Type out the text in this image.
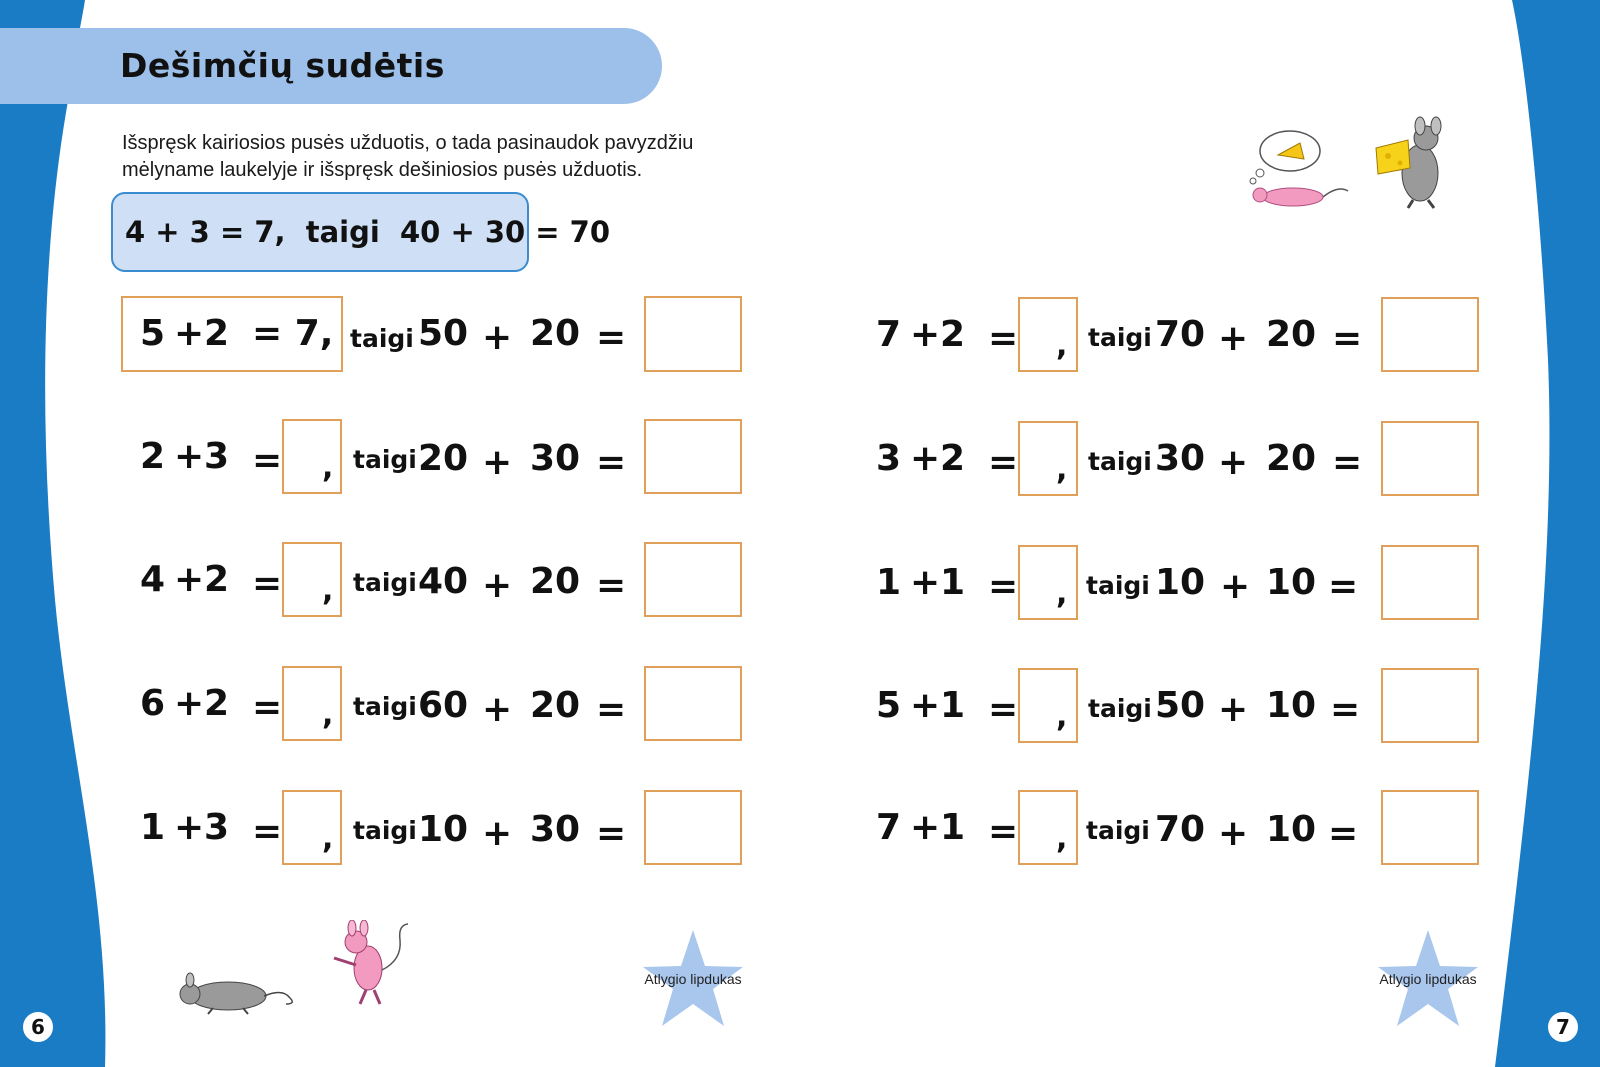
Dešimčių sudėtis
Išspręsk kairiosios pusės užduotis, o tada pasinaudok pavyzdžiu mėlyname laukelyje ir išspręsk dešiniosios pusės užduotis.
4 + 3 = 7,  taigi  40 + 30 = 70
5 + 2 = 7, taigi 50 + 20 =
2 + 3 = , taigi 20 + 30 =
4 + 2 = , taigi 40 + 20 =
6 + 2 = , taigi 60 + 20 =
1 + 3 = , taigi 10 + 30 =
7 + 2 = , taigi 70 + 20 =
3 + 2 = , taigi 30 + 20 =
1 + 1 = , taigi 10 + 10 =
5 + 1 = , taigi 50 + 10 =
7 + 1 = , taigi 70 + 10 =
Atlygio lipdukas	Atlygio lipdukas
6	7
